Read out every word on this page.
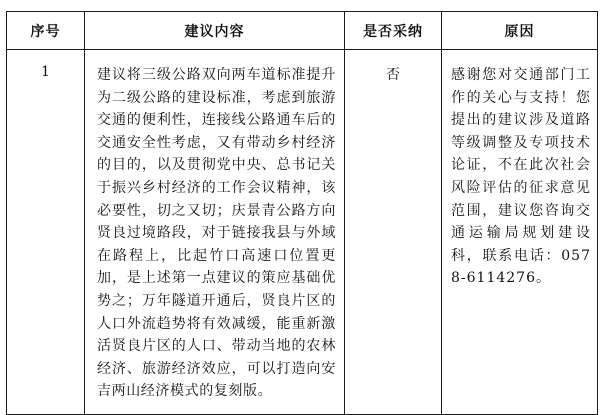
序号	建议内容	是否采纳	原因
1	建议将三级公路双向两车道标准提升为二级公路的建设标准，考虑到旅游交通的便利性，连接线公路通车后的交通安全性考虑，又有带动乡村经济的目的，以及贯彻党中央、总书记关于振兴乡村经济的工作会议精神，该必要性，切之又切；庆景青公路方向贤良过境路段，对于链接我县与外域在路程上，比起竹口高速口位置更加，是上述第一点建议的策应基础优势之；万年隧道开通后，贤良片区的人口外流趋势将有效减缓，能重新激活贤良片区的人口、带动当地的农林经济、旅游经济效应，可以打造向安吉两山经济模式的复刻版。	否	感谢您对交通部门工作的关心与支持！您提出的建议涉及道路等级调整及专项技术论证，不在此次社会风险评估的征求意见范围，建议您咨询交通运输局规划建设科，联系电话：0578-6114276。
